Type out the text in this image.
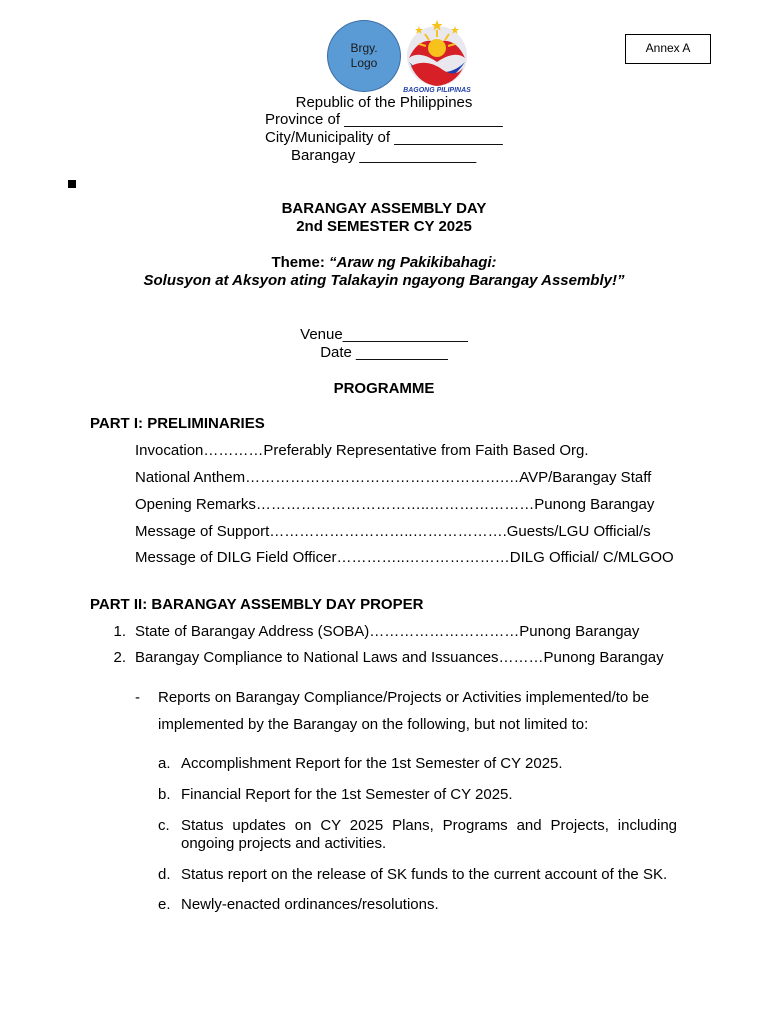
Brgy.
Logo
BAGONG PILIPINAS
Annex A
Republic of the Philippines
Province of ___________________
City/Municipality of _____________
Barangay ______________
BARANGAY ASSEMBLY DAY
2nd SEMESTER CY 2025
Theme: “Araw ng Pakikibahagi:
Solusyon at Aksyon ating Talakayin ngayong Barangay Assembly!”
Venue_______________
Date ___________
PROGRAMME
PART I: PRELIMINARIES
Invocation…………Preferably Representative from Faith Based Org.
National Anthem…………………………………………….…AVP/Barangay Staff
Opening Remarks……………………………..…………………Punong Barangay
Message of Support………………………..……………….Guests/LGU Official/s
Message of DILG Field Officer…………..…………………DILG Official/ C/MLGOO
PART II: BARANGAY ASSEMBLY DAY PROPER
1. State of Barangay Address (SOBA)…………………………Punong Barangay
2. Barangay Compliance to National Laws and Issuances………Punong Barangay
- Reports on Barangay Compliance/Projects or Activities implemented/to be
implemented by the Barangay on the following, but not limited to:
a. Accomplishment Report for the 1st Semester of CY 2025.
b. Financial Report for the 1st Semester of CY 2025.
c. Status updates on CY 2025 Plans, Programs and Projects, including
ongoing projects and activities.
d. Status report on the release of SK funds to the current account of the SK.
e. Newly-enacted ordinances/resolutions.
